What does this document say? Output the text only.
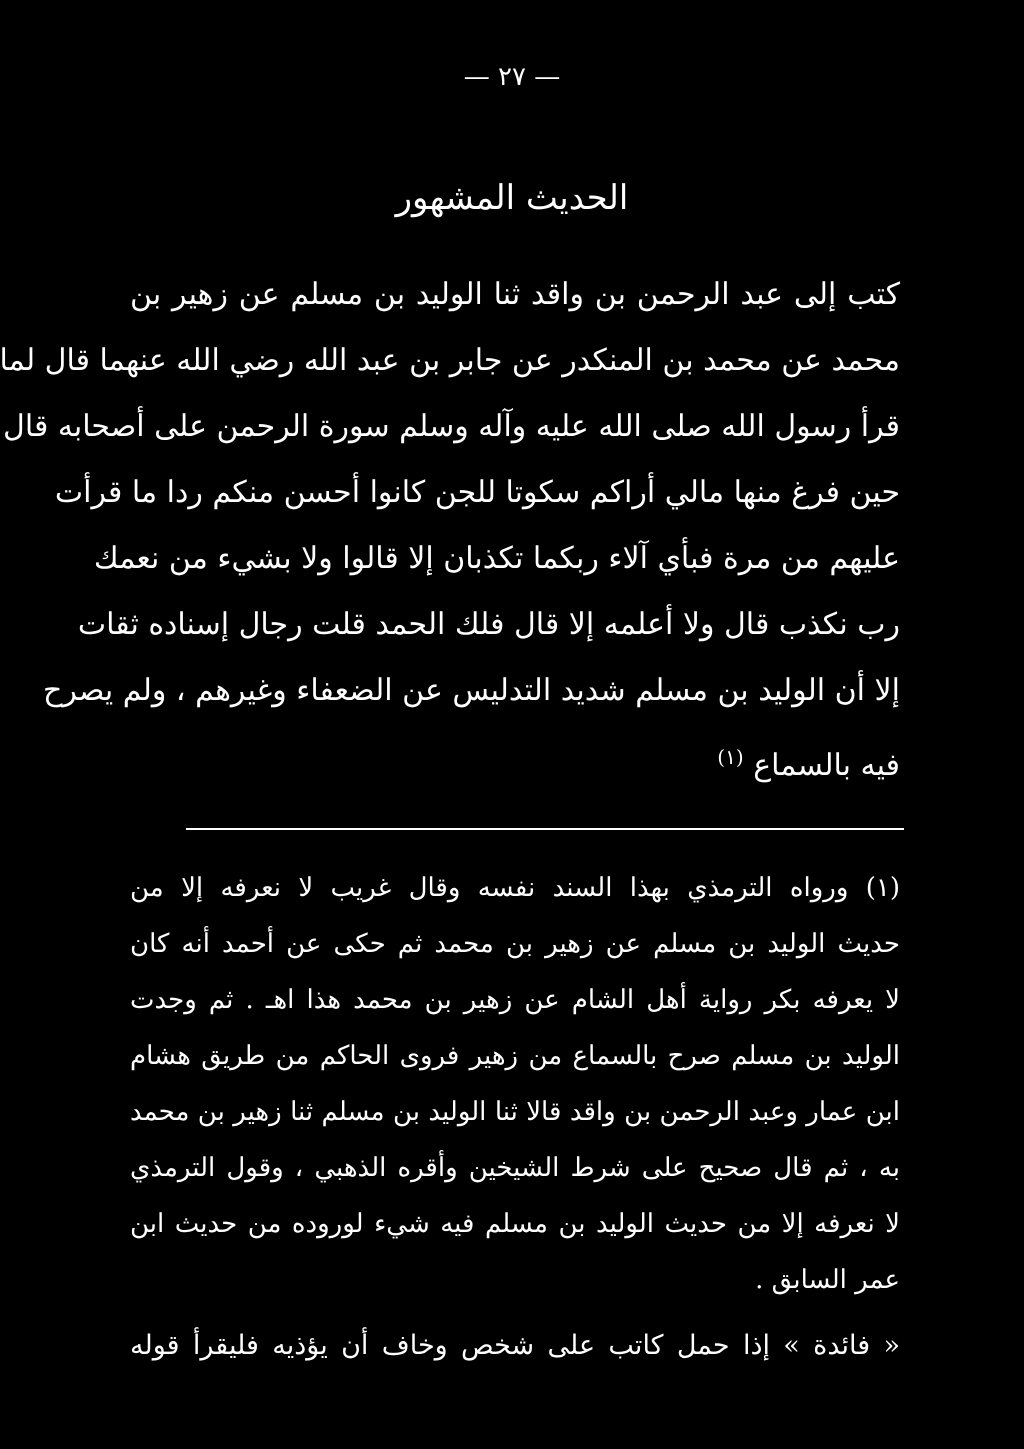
— ٢٧ —
الحديث المشهور
كتب إلى عبد الرحمن بن واقد ثنا الوليد بن مسلم عن زهير بن
محمد عن محمد بن المنكدر عن جابر بن عبد الله رضي الله عنهما قال لما
قرأ رسول الله صلى الله عليه وآله وسلم سورة الرحمن على أصحابه قال
حين فرغ منها مالي أراكم سكوتا للجن كانوا أحسن منكم ردا ما قرأت
عليهم من مرة فبأي آلاء ربكما تكذبان إلا قالوا ولا بشيء من نعمك
رب نكذب قال ولا أعلمه إلا قال فلك الحمد قلت رجال إسناده ثقات
إلا أن الوليد بن مسلم شديد التدليس عن الضعفاء وغيرهم ، ولم يصرح
فيه بالسماع $^{(١)}$
(١) ورواه الترمذي بهذا السند نفسه وقال غريب لا نعرفه إلا من
حديث الوليد بن مسلم عن زهير بن محمد ثم حكى عن أحمد أنه كان
لا يعرفه بكر رواية أهل الشام عن زهير بن محمد هذا اهـ . ثم وجدت
الوليد بن مسلم صرح بالسماع من زهير فروى الحاكم من طريق هشام
ابن عمار وعبد الرحمن بن واقد قالا ثنا الوليد بن مسلم ثنا زهير بن محمد
به ، ثم قال صحيح على شرط الشيخين وأقره الذهبي ، وقول الترمذي
لا نعرفه إلا من حديث الوليد بن مسلم فيه شيء لوروده من حديث ابن
عمر السابق .
« فائدة » إذا حمل كاتب على شخص وخاف أن يؤذيه فليقرأ قوله
